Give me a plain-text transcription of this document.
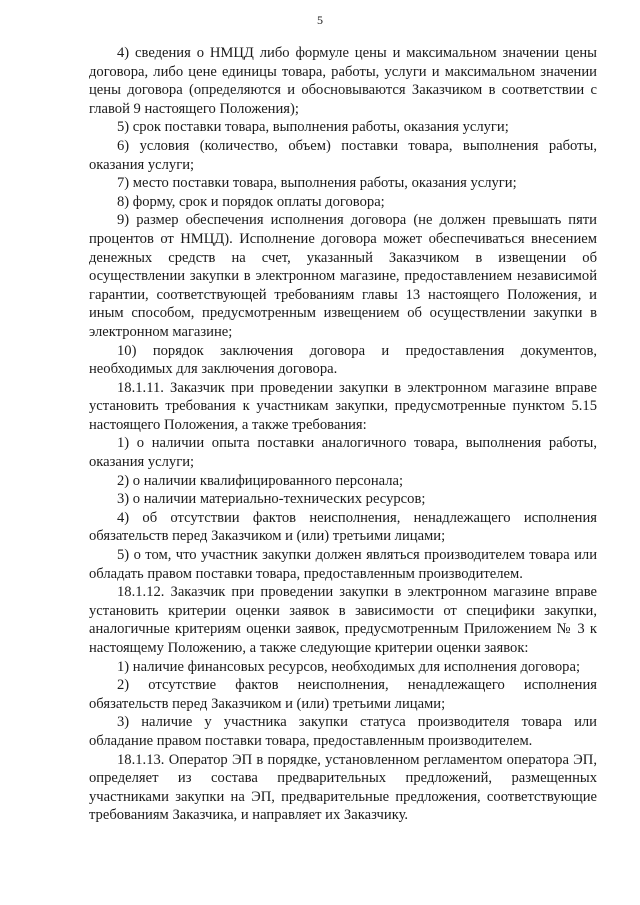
5

4) сведения о НМЦД либо формуле цены и максимальном значении цены договора, либо цене единицы товара, работы, услуги и максимальном значении цены договора (определяются и обосновываются Заказчиком в соответствии с главой 9 настоящего Положения);

5) срок поставки товара, выполнения работы, оказания услуги;

6) условия (количество, объем) поставки товара, выполнения работы, оказания услуги;

7) место поставки товара, выполнения работы, оказания услуги;

8) форму, срок и порядок оплаты договора;

9) размер обеспечения исполнения договора (не должен превышать пяти процентов от НМЦД). Исполнение договора может обеспечиваться внесением денежных средств на счет, указанный Заказчиком в извещении об осуществлении закупки в электронном магазине, предоставлением независимой гарантии, соответствующей требованиям главы 13 настоящего Положения, и иным способом, предусмотренным извещением об осуществлении закупки в электронном магазине;

10) порядок заключения договора и предоставления документов, необходимых для заключения договора.

18.1.11. Заказчик при проведении закупки в электронном магазине вправе установить требования к участникам закупки, предусмотренные пунктом 5.15 настоящего Положения, а также требования:

1) о наличии опыта поставки аналогичного товара, выполнения работы, оказания услуги;

2) о наличии квалифицированного персонала;

3) о наличии материально-технических ресурсов;

4) об отсутствии фактов неисполнения, ненадлежащего исполнения обязательств перед Заказчиком и (или) третьими лицами;

5) о том, что участник закупки должен являться производителем товара или обладать правом поставки товара, предоставленным производителем.

18.1.12. Заказчик при проведении закупки в электронном магазине вправе установить критерии оценки заявок в зависимости от специфики закупки, аналогичные критериям оценки заявок, предусмотренным Приложением № 3 к настоящему Положению, а также следующие критерии оценки заявок:

1) наличие финансовых ресурсов, необходимых для исполнения договора;

2) отсутствие фактов неисполнения, ненадлежащего исполнения обязательств перед Заказчиком и (или) третьими лицами;

3) наличие у участника закупки статуса производителя товара или обладание правом поставки товара, предоставленным производителем.

18.1.13. Оператор ЭП в порядке, установленном регламентом оператора ЭП, определяет из состава предварительных предложений, размещенных участниками закупки на ЭП, предварительные предложения, соответствующие требованиям Заказчика, и направляет их Заказчику.
